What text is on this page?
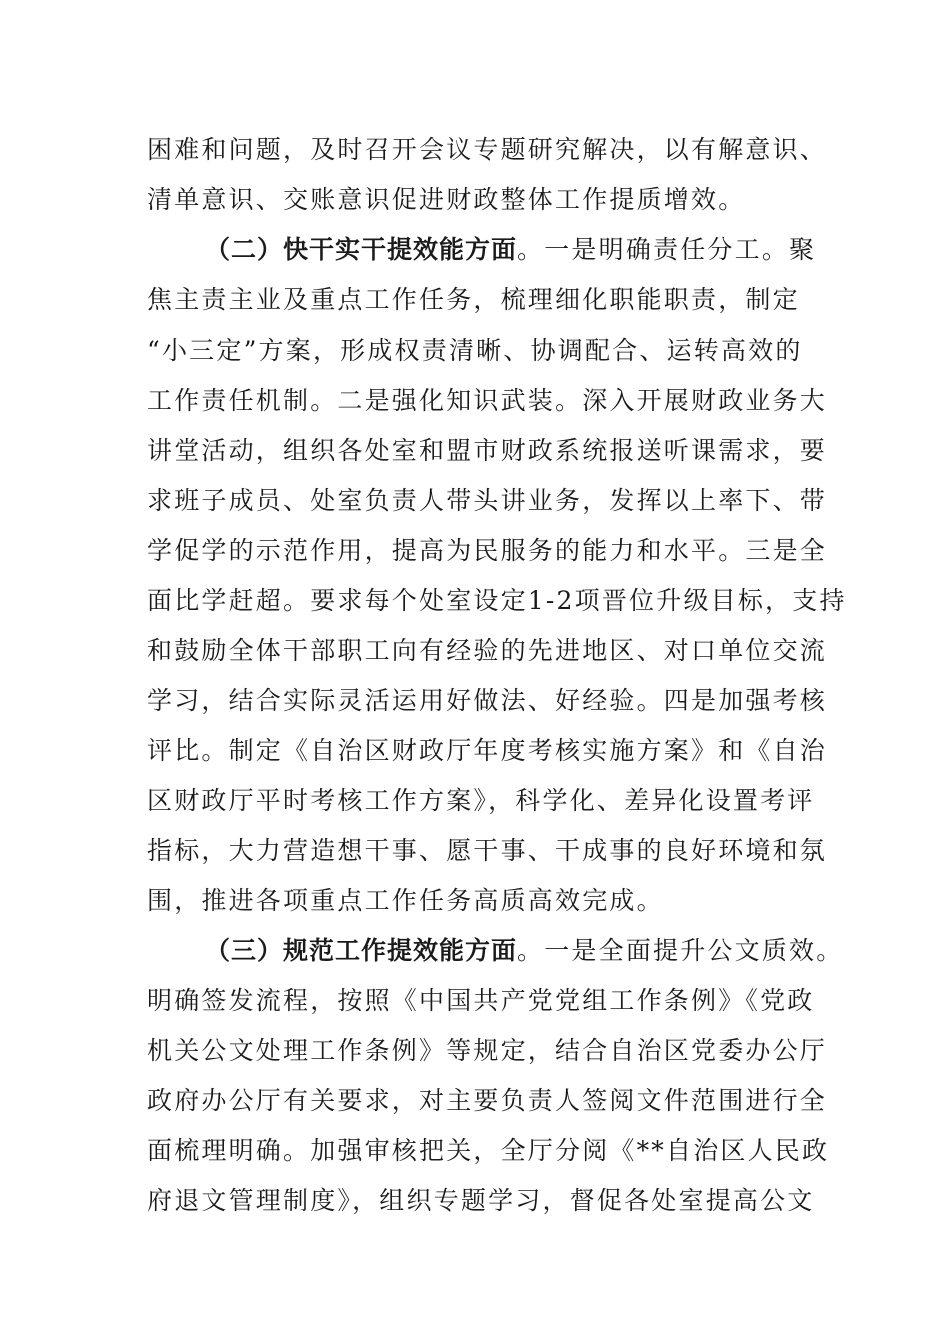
困难和问题，及时召开会议专题研究解决，以有解意识、
清单意识、交账意识促进财政整体工作提质增效。
（二）快干实干提效能方面。一是明确责任分工。聚
焦主责主业及重点工作任务，梳理细化职能职责，制定
“小三定”方案，形成权责清晰、协调配合、运转高效的
工作责任机制。二是强化知识武装。深入开展财政业务大
讲堂活动，组织各处室和盟市财政系统报送听课需求，要
求班子成员、处室负责人带头讲业务，发挥以上率下、带
学促学的示范作用，提高为民服务的能力和水平。三是全
面比学赶超。要求每个处室设定1-2项晋位升级目标，支持
和鼓励全体干部职工向有经验的先进地区、对口单位交流
学习，结合实际灵活运用好做法、好经验。四是加强考核
评比。制定《自治区财政厅年度考核实施方案》和《自治
区财政厅平时考核工作方案》，科学化、差异化设置考评
指标，大力营造想干事、愿干事、干成事的良好环境和氛
围，推进各项重点工作任务高质高效完成。
（三）规范工作提效能方面。一是全面提升公文质效。
明确签发流程，按照《中国共产党党组工作条例》《党政
机关公文处理工作条例》等规定，结合自治区党委办公厅
政府办公厅有关要求，对主要负责人签阅文件范围进行全
面梳理明确。加强审核把关，全厅分阅《**自治区人民政
府退文管理制度》，组织专题学习，督促各处室提高公文
